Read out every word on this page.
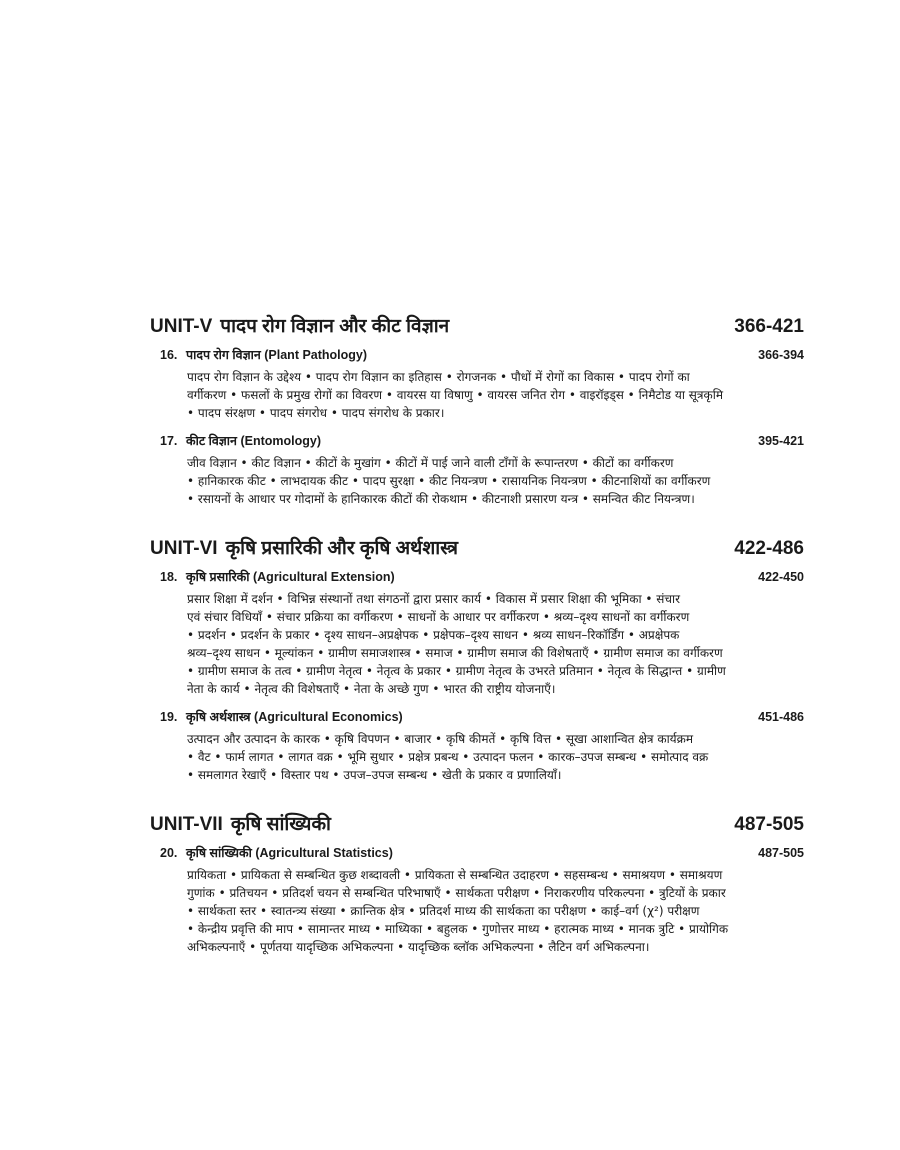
UNIT-V पादप रोग विज्ञान और कीट विज्ञान	366-421
16. पादप रोग विज्ञान (Plant Pathology)	366-394
पादप रोग विज्ञान के उद्देश्य • पादप रोग विज्ञान का इतिहास • रोगजनक • पौधों में रोगों का विकास • पादप रोगों का
वर्गीकरण • फसलों के प्रमुख रोगों का विवरण • वायरस या विषाणु • वायरस जनित रोग • वाइरॉइड्स • निमैटोड या सूत्रकृमि
• पादप संरक्षण • पादप संगरोध • पादप संगरोध के प्रकार।
17. कीट विज्ञान (Entomology)	395-421
जीव विज्ञान • कीट विज्ञान • कीटों के मुखांग • कीटों में पाई जाने वाली टाँगों के रूपान्तरण • कीटों का वर्गीकरण
• हानिकारक कीट • लाभदायक कीट • पादप सुरक्षा • कीट नियन्त्रण • रासायनिक नियन्त्रण • कीटनाशियों का वर्गीकरण
• रसायनों के आधार पर गोदामों के हानिकारक कीटों की रोकथाम • कीटनाशी प्रसारण यन्त्र • समन्वित कीट नियन्त्रण।
UNIT-VI कृषि प्रसारिकी और कृषि अर्थशास्त्र	422-486
18. कृषि प्रसारिकी (Agricultural Extension)	422-450
प्रसार शिक्षा में दर्शन • विभिन्न संस्थानों तथा संगठनों द्वारा प्रसार कार्य • विकास में प्रसार शिक्षा की भूमिका • संचार
एवं संचार विधियाँ • संचार प्रक्रिया का वर्गीकरण • साधनों के आधार पर वर्गीकरण • श्रव्य–दृश्य साधनों का वर्गीकरण
• प्रदर्शन • प्रदर्शन के प्रकार • दृश्य साधन–अप्रक्षेपक • प्रक्षेपक–दृश्य साधन • श्रव्य साधन–रिकॉर्डिंग • अप्रक्षेपक
श्रव्य–दृश्य साधन • मूल्यांकन • ग्रामीण समाजशास्त्र • समाज • ग्रामीण समाज की विशेषताएँ • ग्रामीण समाज का वर्गीकरण
• ग्रामीण समाज के तत्व • ग्रामीण नेतृत्व • नेतृत्व के प्रकार • ग्रामीण नेतृत्व के उभरते प्रतिमान • नेतृत्व के सिद्धान्त • ग्रामीण
नेता के कार्य • नेतृत्व की विशेषताएँ • नेता के अच्छे गुण • भारत की राष्ट्रीय योजनाएँ।
19. कृषि अर्थशास्त्र (Agricultural Economics)	451-486
उत्पादन और उत्पादन के कारक • कृषि विपणन • बाजार • कृषि कीमतें • कृषि वित्त • सूखा आशान्वित क्षेत्र कार्यक्रम
• वैट • फार्म लागत • लागत वक्र • भूमि सुधार • प्रक्षेत्र प्रबन्ध • उत्पादन फलन • कारक–उपज सम्बन्ध • समोत्पाद वक्र
• समलागत रेखाएँ • विस्तार पथ • उपज–उपज सम्बन्ध • खेती के प्रकार व प्रणालियाँ।
UNIT-VII कृषि सांख्यिकी	487-505
20. कृषि सांख्यिकी (Agricultural Statistics)	487-505
प्रायिकता • प्रायिकता से सम्बन्धित कुछ शब्दावली • प्रायिकता से सम्बन्धित उदाहरण • सहसम्बन्ध • समाश्रयण • समाश्रयण
गुणांक • प्रतिचयन • प्रतिदर्श चयन से सम्बन्धित परिभाषाएँ • सार्थकता परीक्षण • निराकरणीय परिकल्पना • त्रुटियों के प्रकार
• सार्थकता स्तर • स्वातन्त्र्य संख्या • क्रान्तिक क्षेत्र • प्रतिदर्श माध्य की सार्थकता का परीक्षण • काई–वर्ग (χ²) परीक्षण
• केन्द्रीय प्रवृत्ति की माप • सामान्तर माध्य • माध्यिका • बहुलक • गुणोत्तर माध्य • हरात्मक माध्य • मानक त्रुटि • प्रायोगिक
अभिकल्पनाएँ • पूर्णतया यादृच्छिक अभिकल्पना • यादृच्छिक ब्लॉक अभिकल्पना • लैटिन वर्ग अभिकल्पना।
